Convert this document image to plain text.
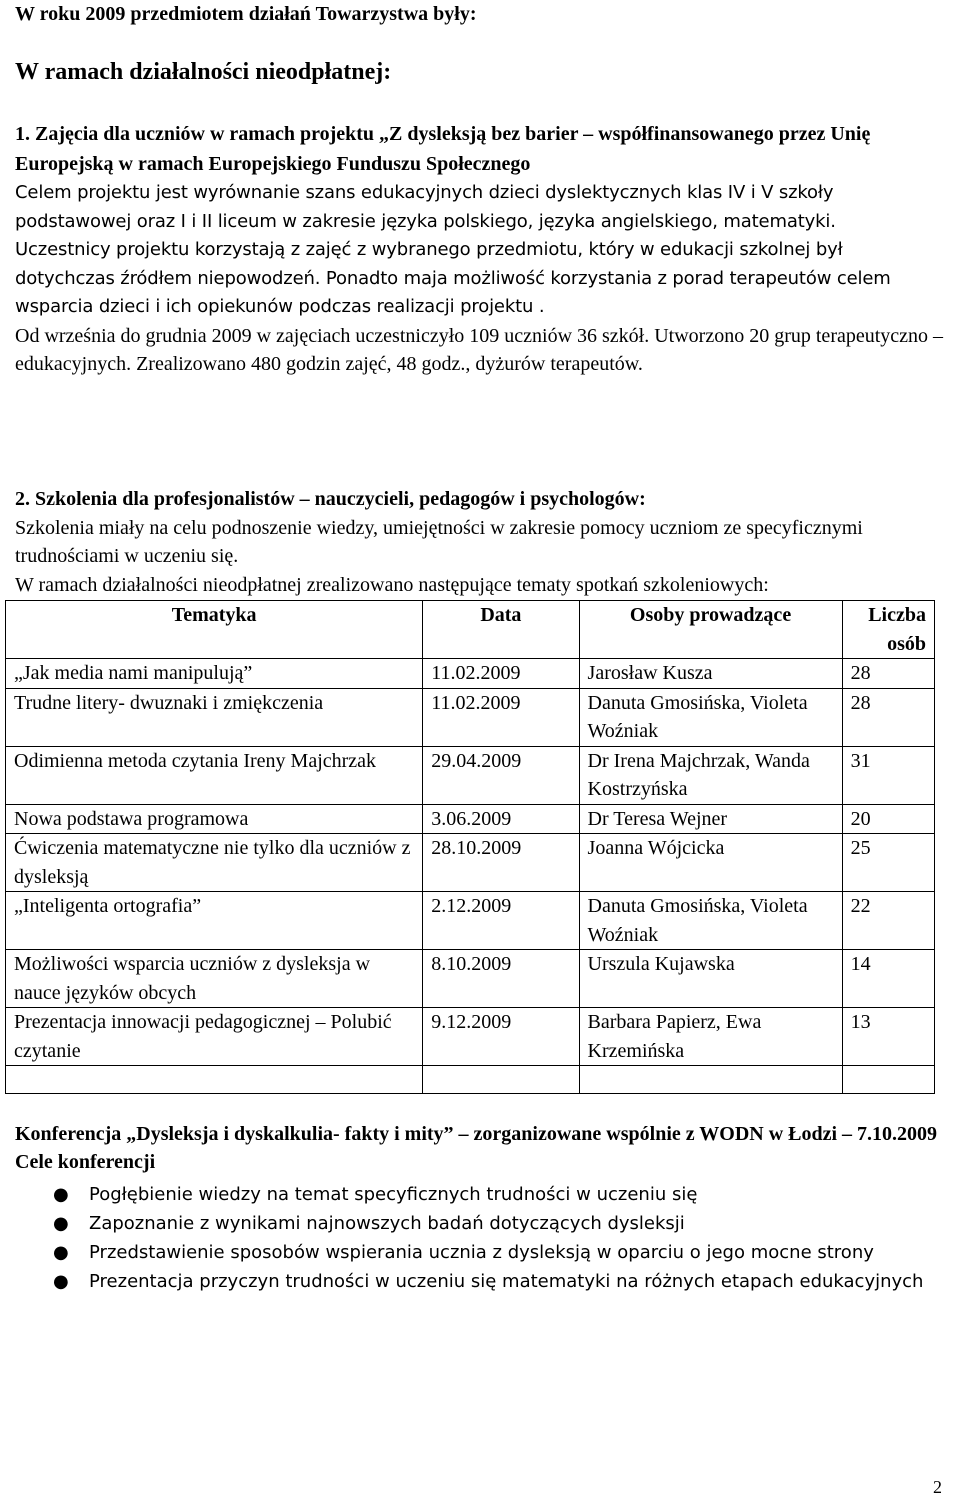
W roku 2009 przedmiotem działań Towarzystwa były:
W ramach działalności nieodpłatnej:
1. Zajęcia dla uczniów w ramach projektu „Z dysleksją bez barier – współfinansowanego przez Unię Europejską w ramach Europejskiego Funduszu Społecznego
Celem projektu jest wyrównanie szans edukacyjnych dzieci dyslektycznych klas IV i V szkoły podstawowej oraz I i II liceum w zakresie języka polskiego, języka angielskiego, matematyki.
Uczestnicy projektu korzystają z zajęć z wybranego przedmiotu, który w edukacji szkolnej był dotychczas źródłem niepowodzeń. Ponadto maja możliwość korzystania z porad terapeutów celem wsparcia dzieci i ich opiekunów podczas realizacji projektu .
Od września do grudnia 2009 w zajęciach uczestniczyło 109 uczniów 36 szkół. Utworzono 20 grup terapeutyczno – edukacyjnych. Zrealizowano 480 godzin zajęć, 48 godz., dyżurów terapeutów.
2. Szkolenia dla profesjonalistów – nauczycieli, pedagogów i psychologów:
Szkolenia miały na celu podnoszenie wiedzy, umiejętności w zakresie pomocy uczniom ze specyficznymi trudnościami w uczeniu się.
W ramach działalności nieodpłatnej zrealizowano następujące tematy spotkań szkoleniowych:
Tematyka	Data	Osoby prowadzące	Liczba osób
„Jak media nami manipulują”	11.02.2009	Jarosław Kusza	28
Trudne litery- dwuznaki i zmiękczenia	11.02.2009	Danuta Gmosińska, Violeta Woźniak	28
Odimienna metoda czytania Ireny Majchrzak	29.04.2009	Dr Irena Majchrzak, Wanda Kostrzyńska	31
Nowa podstawa programowa	3.06.2009	Dr Teresa Wejner	20
Ćwiczenia matematyczne nie tylko dla uczniów z dysleksją	28.10.2009	Joanna Wójcicka	25
„Inteligenta ortografia”	2.12.2009	Danuta Gmosińska, Violeta Woźniak	22
Możliwości wsparcia uczniów z dysleksja w nauce języków obcych	8.10.2009	Urszula Kujawska	14
Prezentacja innowacji pedagogicznej – Polubić czytanie	9.12.2009	Barbara Papierz, Ewa Krzemińska	13

Konferencja „Dysleksja i dyskalkulia- fakty i mity” – zorganizowane wspólnie z WODN w Łodzi – 7.10.2009
Cele konferencji
● Pogłębienie wiedzy na temat specyficznych trudności w uczeniu się
● Zapoznanie z wynikami najnowszych badań dotyczących dysleksji
● Przedstawienie sposobów wspierania ucznia z dysleksją w oparciu o jego mocne strony
● Prezentacja przyczyn trudności w uczeniu się matematyki na różnych etapach edukacyjnych
2
